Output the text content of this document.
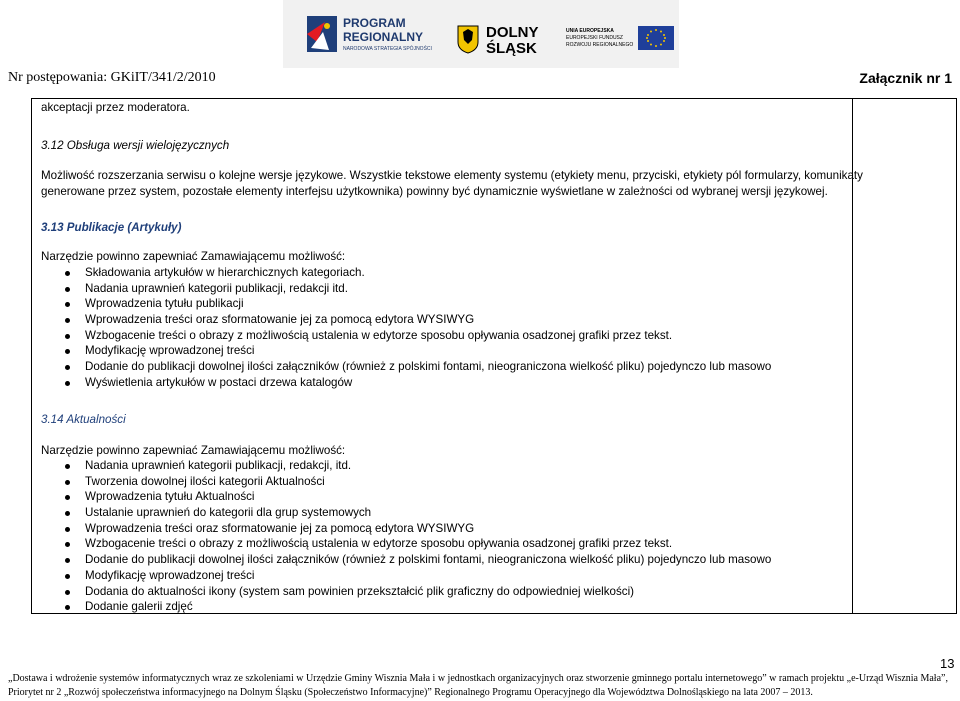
PROGRAM
REGIONALNY
NARODOWA STRATEGIA SPÓJNOŚCI
DOLNY
ŚLĄSK
UNIA EUROPEJSKA
EUROPEJSKI FUNDUSZ
ROZWOJU REGIONALNEGO
Nr postępowania: GKiIT/341/2/2010	Załącznik nr 1
akceptacji przez moderatora.
3.12 Obsługa wersji wielojęzycznych
Możliwość rozszerzania serwisu o kolejne wersje językowe. Wszystkie tekstowe elementy systemu (etykiety menu, przyciski, etykiety pól formularzy, komunikaty
generowane przez system, pozostałe elementy interfejsu użytkownika) powinny być dynamicznie wyświetlane w zależności od wybranej wersji językowej.
3.13 Publikacje (Artykuły)
Narzędzie powinno zapewniać Zamawiającemu możliwość:
Składowania artykułów w hierarchicznych kategoriach.
Nadania uprawnień kategorii publikacji, redakcji itd.
Wprowadzenia tytułu publikacji
Wprowadzenia treści oraz sformatowanie jej za pomocą edytora WYSIWYG
Wzbogacenie treści o obrazy z możliwością ustalenia w edytorze sposobu opływania osadzonej grafiki przez tekst.
Modyfikację wprowadzonej treści
Dodanie do publikacji dowolnej ilości załączników (również z polskimi fontami, nieograniczona wielkość pliku) pojedynczo lub masowo
Wyświetlenia artykułów w postaci drzewa katalogów
3.14 Aktualności
Narzędzie powinno zapewniać Zamawiającemu możliwość:
Nadania uprawnień kategorii publikacji, redakcji, itd.
Tworzenia dowolnej ilości kategorii Aktualności
Wprowadzenia tytułu Aktualności
Ustalanie uprawnień do kategorii dla grup systemowych
Wprowadzenia treści oraz sformatowanie jej za pomocą edytora WYSIWYG
Wzbogacenie treści o obrazy z możliwością ustalenia w edytorze sposobu opływania osadzonej grafiki przez tekst.
Dodanie do publikacji dowolnej ilości załączników (również z polskimi fontami, nieograniczona wielkość pliku) pojedynczo lub masowo
Modyfikację wprowadzonej treści
Dodania do aktualności ikony (system sam powinien przekształcić plik graficzny do odpowiedniej wielkości)
Dodanie galerii zdjęć
13
„Dostawa i wdrożenie systemów informatycznych wraz ze szkoleniami w Urzędzie Gminy Wisznia Mała i w jednostkach organizacyjnych oraz stworzenie gminnego portalu internetowego” w ramach projektu „e-Urząd Wisznia Mała”,
Priorytet nr 2 „Rozwój społeczeństwa informacyjnego na Dolnym Śląsku (Społeczeństwo Informacyjne)” Regionalnego Programu Operacyjnego dla Województwa Dolnośląskiego na lata 2007 – 2013.
